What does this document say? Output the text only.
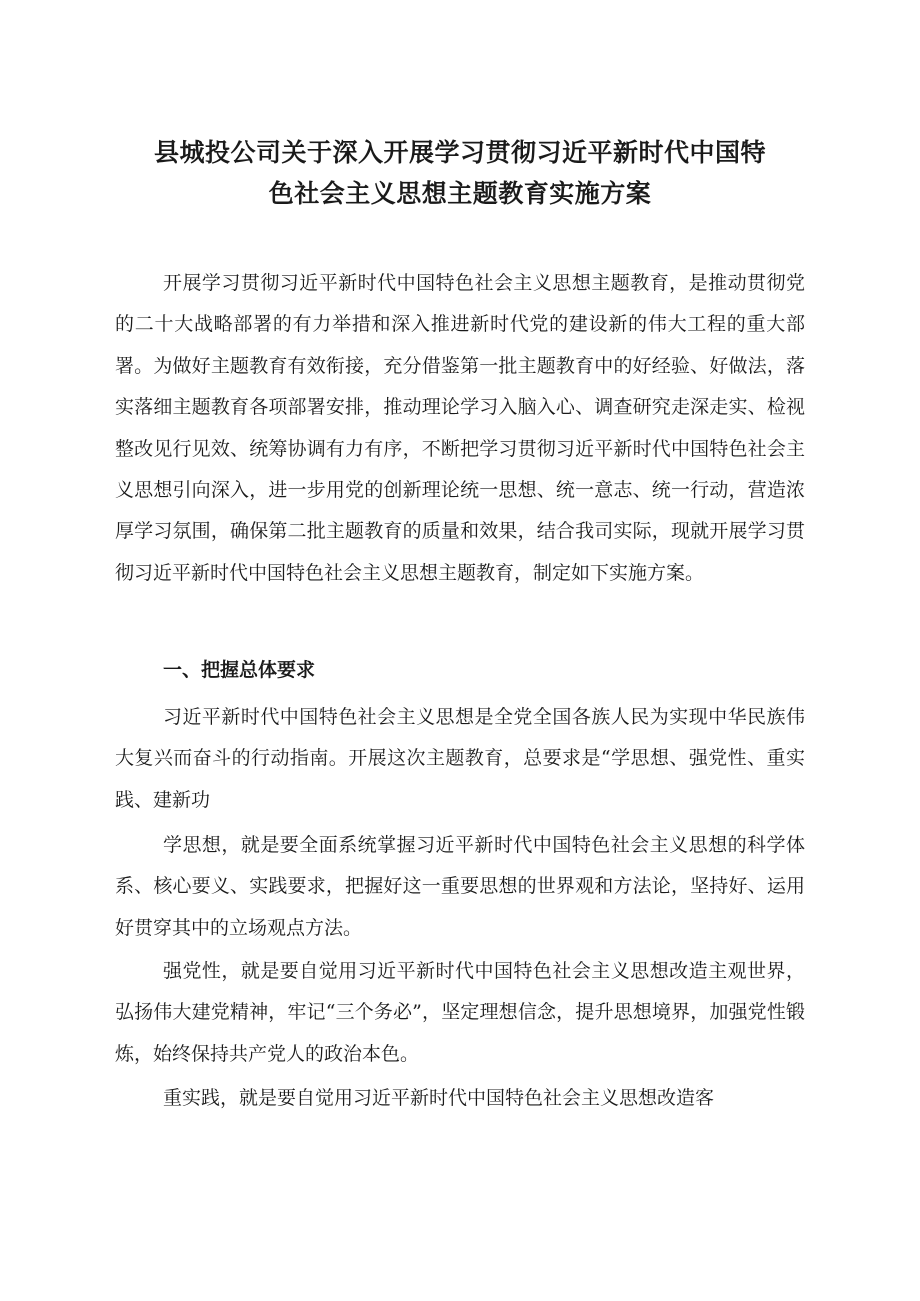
县城投公司关于深入开展学习贯彻习近平新时代中国特
色社会主义思想主题教育实施方案

开展学习贯彻习近平新时代中国特色社会主义思想主题教育，是推动贯彻党的二十大战略部署的有力举措和深入推进新时代党的建设新的伟大工程的重大部署。为做好主题教育有效衔接，充分借鉴第一批主题教育中的好经验、好做法，落实落细主题教育各项部署安排，推动理论学习入脑入心、调查研究走深走实、检视整改见行见效、统筹协调有力有序，不断把学习贯彻习近平新时代中国特色社会主义思想引向深入，进一步用党的创新理论统一思想、统一意志、统一行动，营造浓厚学习氛围，确保第二批主题教育的质量和效果，结合我司实际，现就开展学习贯彻习近平新时代中国特色社会主义思想主题教育，制定如下实施方案。

一、把握总体要求

习近平新时代中国特色社会主义思想是全党全国各族人民为实现中华民族伟大复兴而奋斗的行动指南。开展这次主题教育，总要求是“学思想、强党性、重实践、建新功

学思想，就是要全面系统掌握习近平新时代中国特色社会主义思想的科学体系、核心要义、实践要求，把握好这一重要思想的世界观和方法论，坚持好、运用好贯穿其中的立场观点方法。

强党性，就是要自觉用习近平新时代中国特色社会主义思想改造主观世界，弘扬伟大建党精神，牢记“三个务必”，坚定理想信念，提升思想境界，加强党性锻炼，始终保持共产党人的政治本色。

重实践，就是要自觉用习近平新时代中国特色社会主义思想改造客
